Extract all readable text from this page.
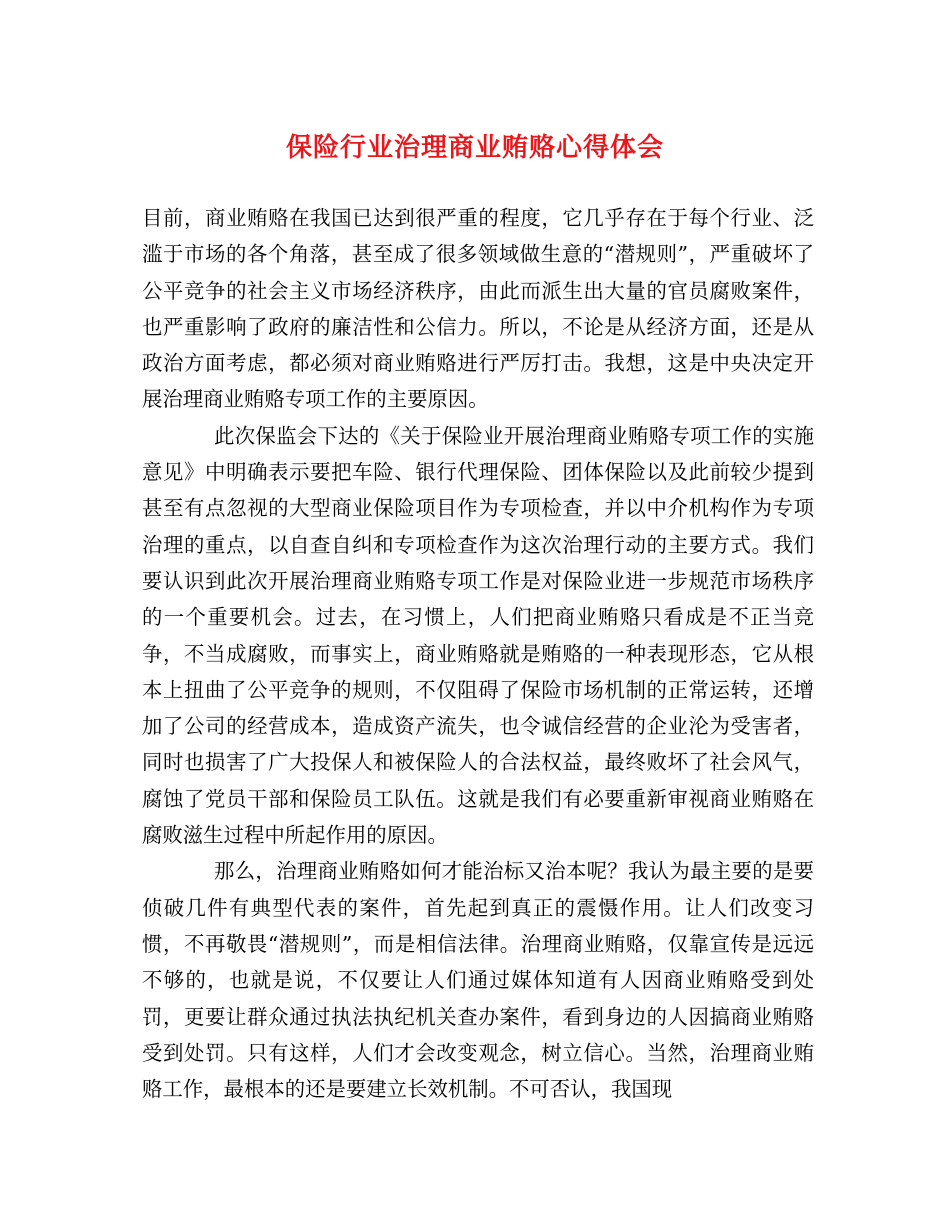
保险行业治理商业贿赂心得体会

目前，商业贿赂在我国已达到很严重的程度，它几乎存在于每个行业、泛滥于市场的各个角落，甚至成了很多领域做生意的“潜规则”，严重破坏了公平竞争的社会主义市场经济秩序，由此而派生出大量的官员腐败案件，也严重影响了政府的廉洁性和公信力。所以，不论是从经济方面，还是从政治方面考虑，都必须对商业贿赂进行严厉打击。我想，这是中央决定开展治理商业贿赂专项工作的主要原因。

此次保监会下达的《关于保险业开展治理商业贿赂专项工作的实施意见》中明确表示要把车险、银行代理保险、团体保险以及此前较少提到甚至有点忽视的大型商业保险项目作为专项检查，并以中介机构作为专项治理的重点，以自查自纠和专项检查作为这次治理行动的主要方式。我们要认识到此次开展治理商业贿赂专项工作是对保险业进一步规范市场秩序的一个重要机会。过去，在习惯上，人们把商业贿赂只看成是不正当竞争，不当成腐败，而事实上，商业贿赂就是贿赂的一种表现形态，它从根本上扭曲了公平竞争的规则，不仅阻碍了保险市场机制的正常运转，还增加了公司的经营成本，造成资产流失，也令诚信经营的企业沦为受害者，同时也损害了广大投保人和被保险人的合法权益，最终败坏了社会风气，腐蚀了党员干部和保险员工队伍。这就是我们有必要重新审视商业贿赂在腐败滋生过程中所起作用的原因。

那么，治理商业贿赂如何才能治标又治本呢？我认为最主要的是要侦破几件有典型代表的案件，首先起到真正的震慑作用。让人们改变习惯，不再敬畏“潜规则”，而是相信法律。治理商业贿赂，仅靠宣传是远远不够的，也就是说，不仅要让人们通过媒体知道有人因商业贿赂受到处罚，更要让群众通过执法执纪机关查办案件，看到身边的人因搞商业贿赂受到处罚。只有这样，人们才会改变观念，树立信心。当然，治理商业贿赂工作，最根本的还是要建立长效机制。不可否认，我国现
